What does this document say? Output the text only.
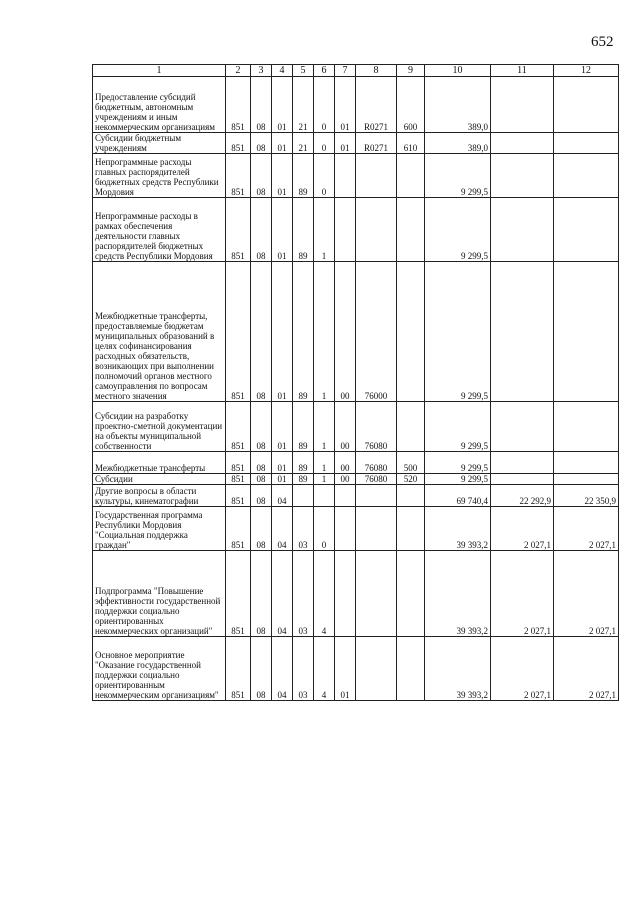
652
1	2	3	4	5	6	7	8	9	10	11	12
Предоставление субсидий бюджетным, автономным учреждениям и иным некоммерческим организациям	851	08	01	21	0	01	R0271	600	389,0		
Субсидии бюджетным учреждениям	851	08	01	21	0	01	R0271	610	389,0		
Непрограммные расходы главных распорядителей бюджетных средств Республики Мордовия	851	08	01	89	0				9 299,5		
Непрограммные расходы в рамках обеспечения деятельности главных распорядителей бюджетных средств Республики Мордовия	851	08	01	89	1				9 299,5		
Межбюджетные трансферты, предоставляемые бюджетам муниципальных образований в целях софинансирования расходных обязательств, возникающих при выполнении полномочий органов местного самоуправления по вопросам местного значения	851	08	01	89	1	00	76000		9 299,5		
Субсидии на разработку проектно-сметной документации на объекты муниципальной собственности	851	08	01	89	1	00	76080		9 299,5		
Межбюджетные трансферты	851	08	01	89	1	00	76080	500	9 299,5		
Субсидии	851	08	01	89	1	00	76080	520	9 299,5		
Другие вопросы в области культуры, кинематографии	851	08	04						69 740,4	22 292,9	22 350,9
Государственная программа Республики Мордовия "Социальная поддержка граждан"	851	08	04	03	0				39 393,2	2 027,1	2 027,1
Подпрограмма "Повышение эффективности государственной поддержки социально ориентированных некоммерческих организаций"	851	08	04	03	4				39 393,2	2 027,1	2 027,1
Основное мероприятие "Оказание государственной поддержки социально ориентированным некоммерческим организациям"	851	08	04	03	4	01			39 393,2	2 027,1	2 027,1
